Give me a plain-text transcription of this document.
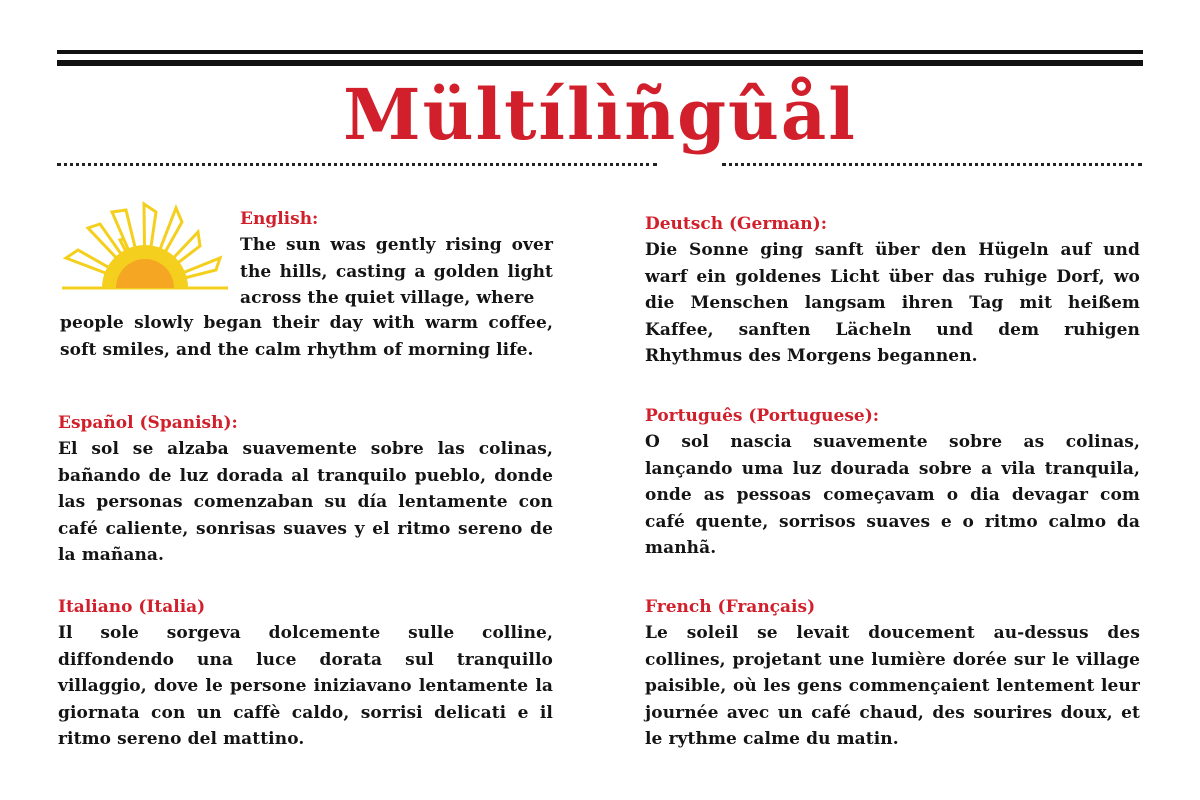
Mültílìñgûål

English:

The sun was gently rising over the hills, casting a golden light across the quiet village, where

people slowly began their day with warm coffee, soft smiles, and the calm rhythm of morning life.

Español (Spanish):

El sol se alzaba suavemente sobre las colinas, bañando de luz dorada al tranquilo pueblo, donde las personas comenzaban su día lentamente con café caliente, sonrisas suaves y el ritmo sereno de la mañana.

Italiano (Italia)

Il sole sorgeva dolcemente sulle colline, diffondendo una luce dorata sul tranquillo villaggio, dove le persone iniziavano lentamente la giornata con un caffè caldo, sorrisi delicati e il ritmo sereno del mattino.

Deutsch (German):

Die Sonne ging sanft über den Hügeln auf und warf ein goldenes Licht über das ruhige Dorf, wo die Menschen langsam ihren Tag mit heißem Kaffee, sanften Lächeln und dem ruhigen Rhythmus des Morgens begannen.

Português (Portuguese):

O sol nascia suavemente sobre as colinas, lançando uma luz dourada sobre a vila tranquila, onde as pessoas começavam o dia devagar com café quente, sorrisos suaves e o ritmo calmo da manhã.

French (Français)

Le soleil se levait doucement au-dessus des collines, projetant une lumière dorée sur le village paisible, où les gens commençaient lentement leur journée avec un café chaud, des sourires doux, et le rythme calme du matin.
